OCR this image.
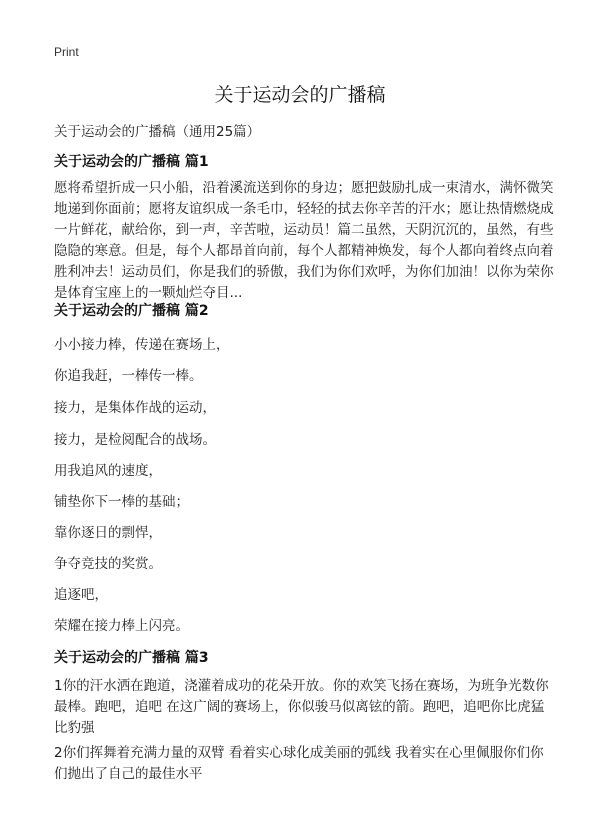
Print
关于运动会的广播稿
关于运动会的广播稿（通用25篇）
关于运动会的广播稿 篇1
愿将希望折成一只小船，沿着溪流送到你的身边；愿把鼓励扎成一束清水，满怀微笑地递到你面前；愿将友谊织成一条毛巾，轻轻的拭去你辛苦的汗水；愿让热情燃烧成一片鲜花，献给你，到一声，辛苦啦，运动员！篇二虽然，天阴沉沉的，虽然，有些隐隐的寒意。但是，每个人都昂首向前，每个人都精神焕发，每个人都向着终点向着胜利冲去！运动员们，你是我们的骄傲，我们为你们欢呼，为你们加油！以你为荣你是体育宝座上的一颗灿烂夺目...
关于运动会的广播稿 篇2
小小接力棒，传递在赛场上，
你追我赶，一棒传一棒。
接力，是集体作战的运动，
接力，是检阅配合的战场。
用我追风的速度，
铺垫你下一棒的基础；
靠你逐日的剽悍，
争夺竞技的奖赏。
追逐吧，
荣耀在接力棒上闪亮。
关于运动会的广播稿 篇3
1你的汗水洒在跑道，浇灌着成功的花朵开放。你的欢笑飞扬在赛场，为班争光数你最棒。跑吧，追吧 在这广阔的赛场上，你似骏马似离铉的箭。跑吧，追吧你比虎猛比豹强
2你们挥舞着充满力量的双臂 看着实心球化成美丽的弧线 我着实在心里佩服你们你们抛出了自己的最佳水平
